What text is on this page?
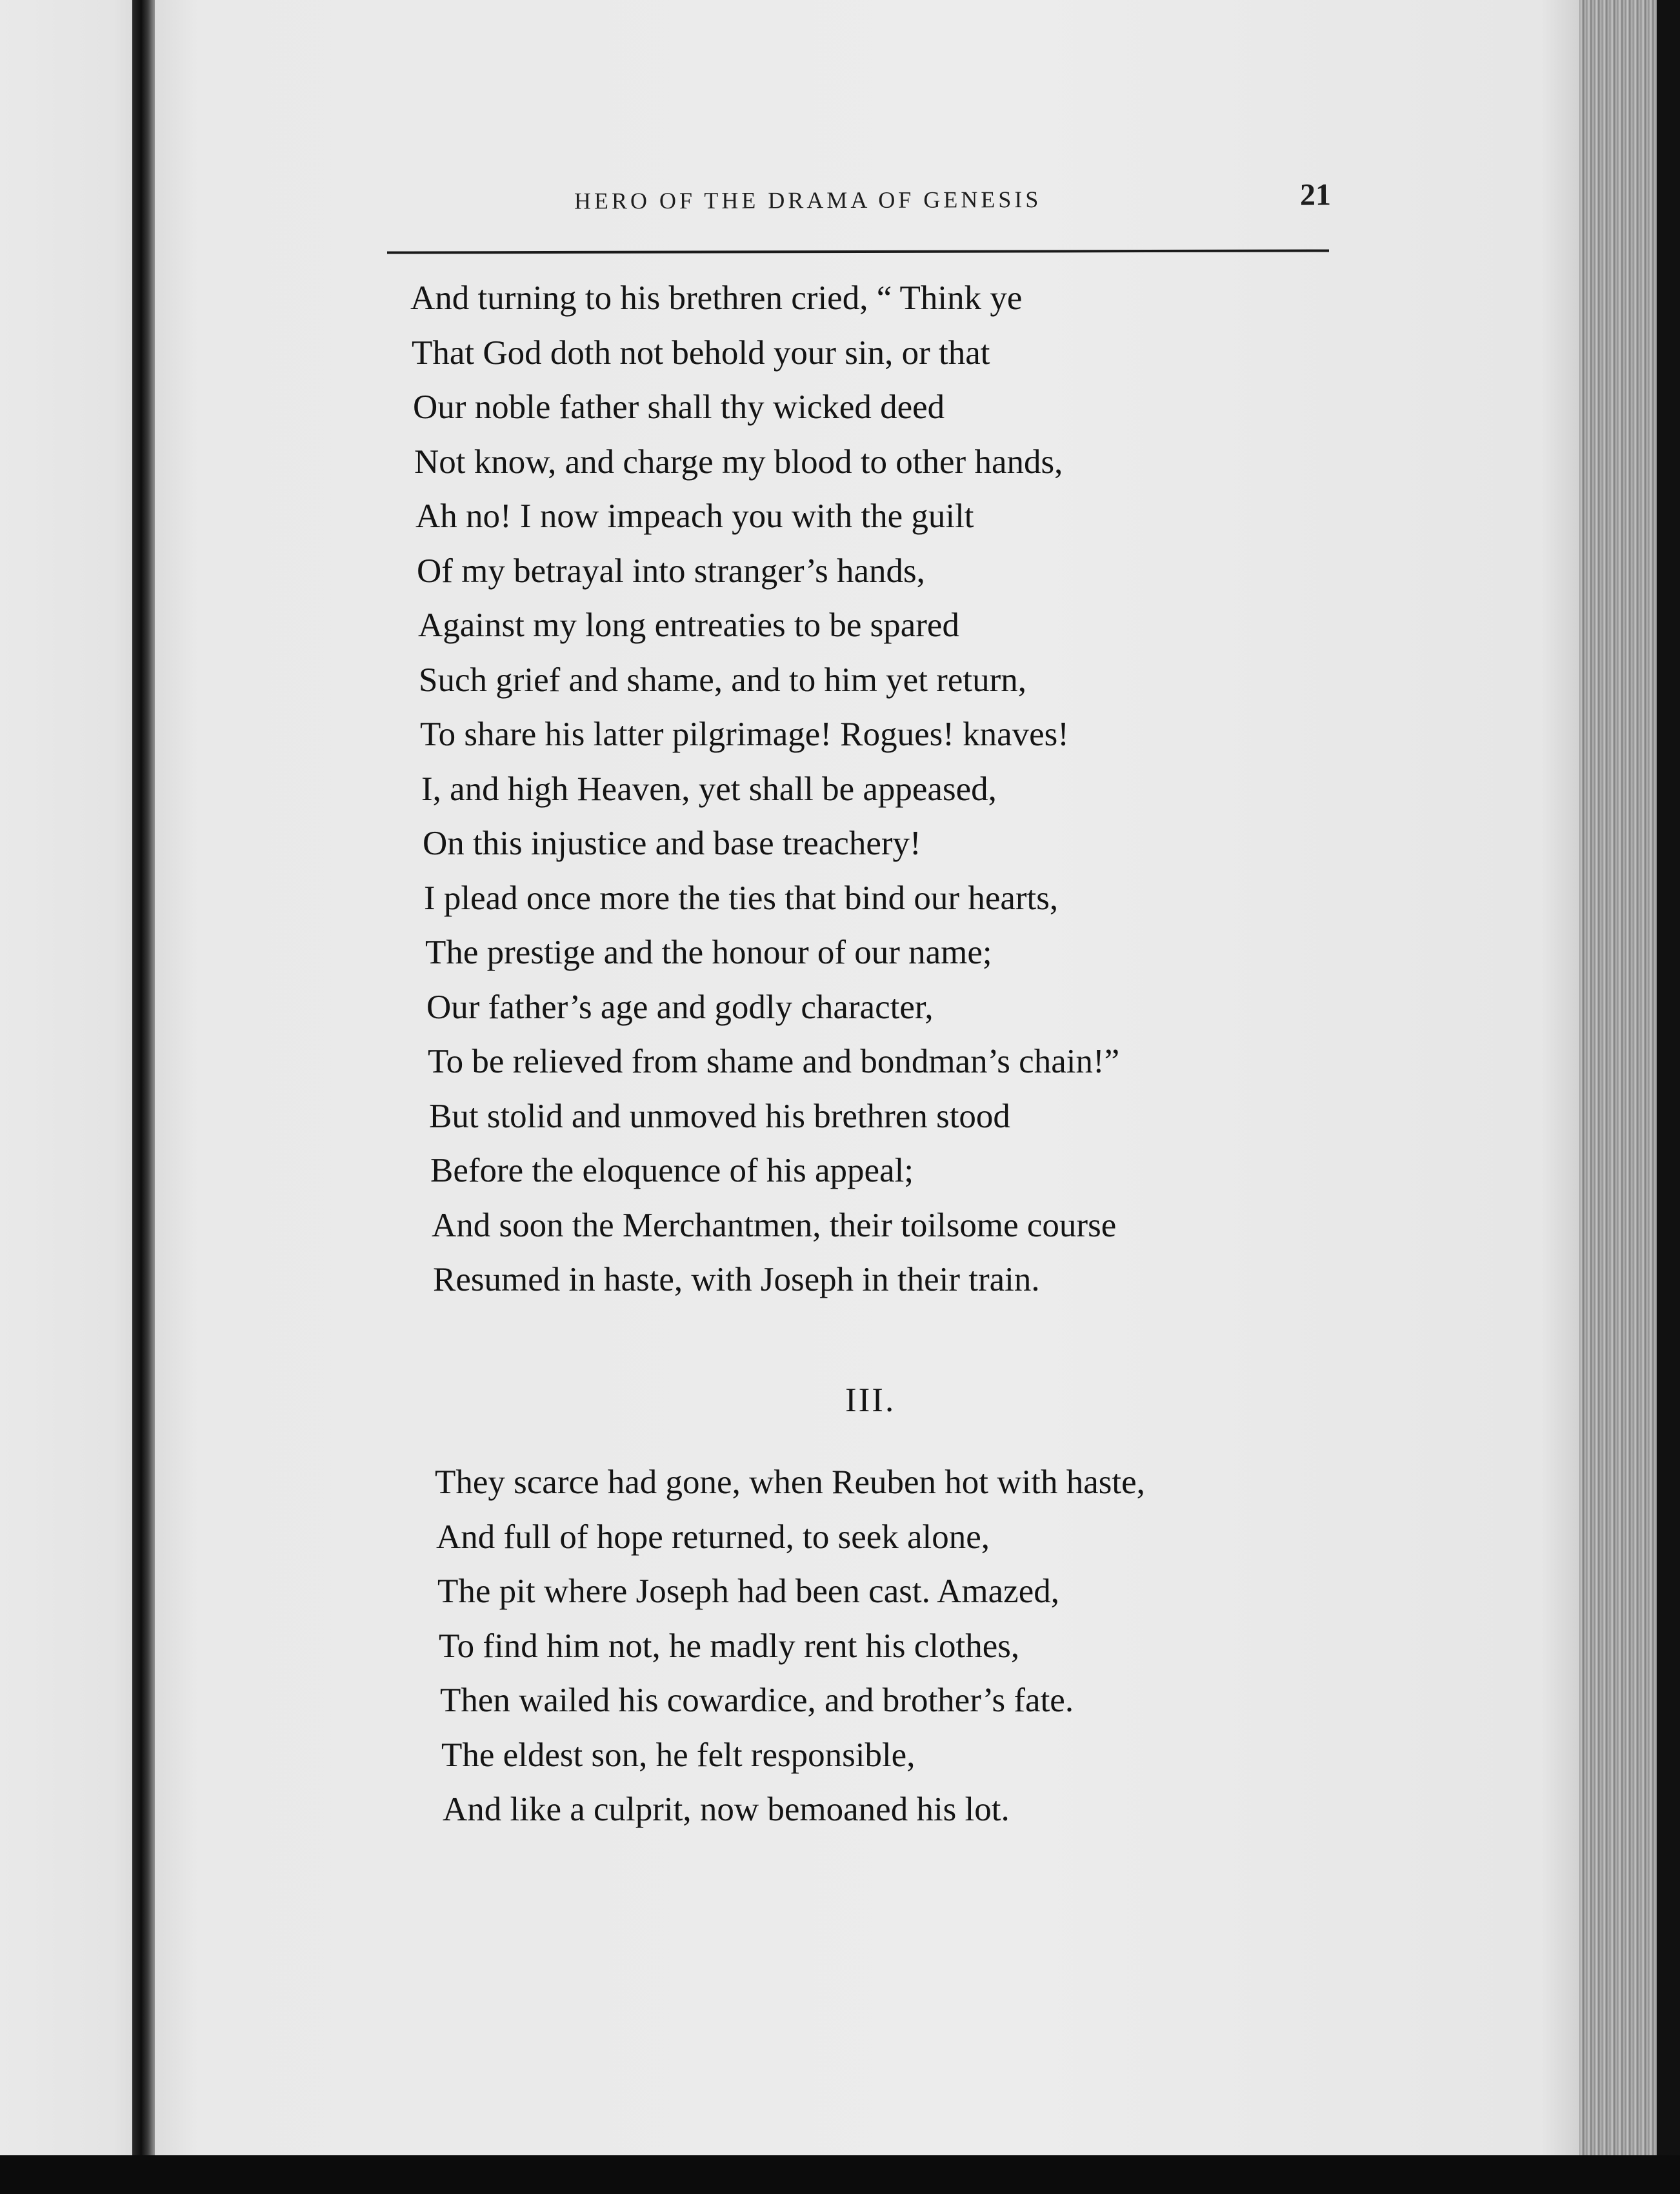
HERO OF THE DRAMA OF GENESIS	21
And turning to his brethren cried, “ Think ye
That God doth not behold your sin, or that
Our noble father shall thy wicked deed
Not know, and charge my blood to other hands,
Ah no! I now impeach you with the guilt
Of my betrayal into stranger’s hands,
Against my long entreaties to be spared
Such grief and shame, and to him yet return,
To share his latter pilgrimage! Rogues! knaves!
I, and high Heaven, yet shall be appeased,
On this injustice and base treachery!
I plead once more the ties that bind our hearts,
The prestige and the honour of our name;
Our father’s age and godly character,
To be relieved from shame and bondman’s chain!”
But stolid and unmoved his brethren stood
Before the eloquence of his appeal;
And soon the Merchantmen, their toilsome course
Resumed in haste, with Joseph in their train.
III.
They scarce had gone, when Reuben hot with haste,
And full of hope returned, to seek alone,
The pit where Joseph had been cast. Amazed,
To find him not, he madly rent his clothes,
Then wailed his cowardice, and brother’s fate.
The eldest son, he felt responsible,
And like a culprit, now bemoaned his lot.
